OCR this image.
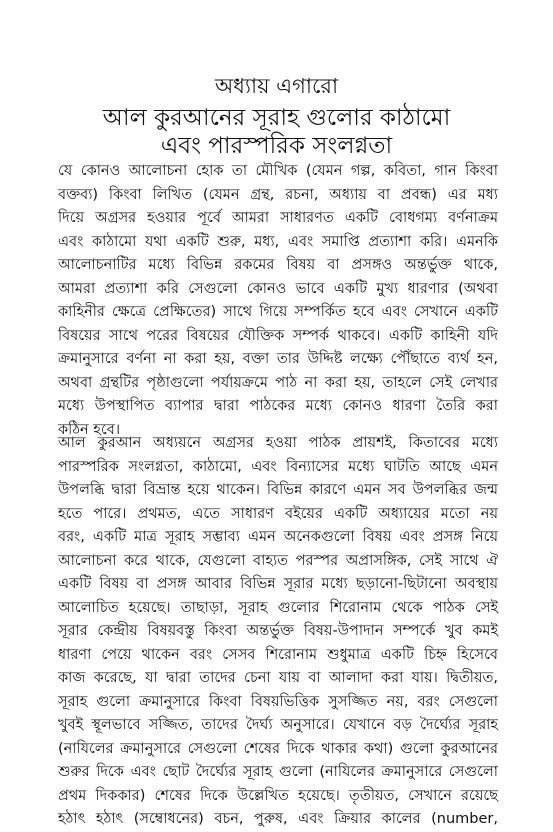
অধ্যায় এগারো
আল কুরআনের সূরাহ গুলোর কাঠামো
এবং পারস্পরিক সংলগ্নতা
যে কোনও আলোচনা হোক তা মৌখিক (যেমন গল্প, কবিতা, গান কিংবা
বক্তব্য) কিংবা লিখিত (যেমন গ্রন্থ, রচনা, অধ্যায় বা প্রবন্ধ) এর মধ্য
দিয়ে অগ্রসর হওয়ার পূর্বে আমরা সাধারণত একটি বোধগম্য বর্ণনাক্রম
এবং কাঠামো যথা একটি শুরু, মধ্য, এবং সমাপ্তি প্রত্যাশা করি। এমনকি
আলোচনাটির মধ্যে বিভিন্ন রকমের বিষয় বা প্রসঙ্গও অন্তর্ভুক্ত থাকে,
আমরা প্রত্যাশা করি সেগুলো কোনও ভাবে একটি মুখ্য ধারণার (অথবা
কাহিনীর ক্ষেত্রে প্রেক্ষিতের) সাথে গিয়ে সম্পর্কিত হবে এবং সেখানে একটি
বিষয়ের সাথে পরের বিষয়ের যৌক্তিক সম্পর্ক থাকবে। একটি কাহিনী যদি
ক্রমানুসারে বর্ণনা না করা হয়, বক্তা তার উদ্দিষ্ট লক্ষ্যে পৌঁছাতে ব্যর্থ হন,
অথবা গ্রন্থটির পৃষ্ঠাগুলো পর্যায়ক্রমে পাঠ না করা হয়, তাহলে সেই লেখার
মধ্যে উপস্থাপিত ব্যাপার দ্বারা পাঠকের মধ্যে কোনও ধারণা তৈরি করা
কঠিন হবে।
আল কুরআন অধ্যয়নে অগ্রসর হওয়া পাঠক প্রায়শই, কিতাবের মধ্যে
পারস্পরিক সংলগ্নতা, কাঠামো, এবং বিন্যাসের মধ্যে ঘাটতি আছে এমন
উপলব্ধি দ্বারা বিভ্রান্ত হয়ে থাকেন। বিভিন্ন কারণে এমন সব উপলব্ধির জন্ম
হতে পারে। প্রথমত, এতে সাধারণ বইয়ের একটি অধ্যায়ের মতো নয়
বরং, একটি মাত্র সূরাহ সম্ভাব্য এমন অনেকগুলো বিষয় এবং প্রসঙ্গ নিয়ে
আলোচনা করে থাকে, যেগুলো বাহ্যত পরস্পর অপ্রাসঙ্গিক, সেই সাথে ঐ
একটি বিষয় বা প্রসঙ্গ আবার বিভিন্ন সূরার মধ্যে ছড়ানো-ছিটানো অবস্থায়
আলোচিত হয়েছে। তাছাড়া, সূরাহ গুলোর শিরোনাম থেকে পাঠক সেই
সূরার কেন্দ্রীয় বিষয়বস্তু কিংবা অন্তর্ভুক্ত বিষয়-উপাদান সম্পর্কে খুব কমই
ধারণা পেয়ে থাকেন বরং সেসব শিরোনাম শুধুমাত্র একটি চিহ্ন হিসেবে
কাজ করেছে, যা দ্বারা তাদের চেনা যায় বা আলাদা করা যায়। দ্বিতীয়ত,
সূরাহ গুলো ক্রমানুসারে কিংবা বিষয়ভিত্তিক সুসজ্জিত নয়, বরং সেগুলো
খুবই স্থূলভাবে সজ্জিত, তাদের দৈর্ঘ্য অনুসারে। যেখানে বড় দৈর্ঘ্যের সূরাহ
(নাযিলের ক্রমানুসারে সেগুলো শেষের দিকে থাকার কথা) গুলো কুরআনের
শুরুর দিকে এবং ছোট দৈর্ঘ্যের সূরাহ গুলো (নাযিলের ক্রমানুসারে সেগুলো
প্রথম দিককার) শেষের দিকে উল্লেখিত হয়েছে। তৃতীয়ত, সেখানে রয়েছে
হঠাৎ হঠাৎ (সম্বোধনের) বচন, পুরুষ, এবং ক্রিয়ার কালের (number,
